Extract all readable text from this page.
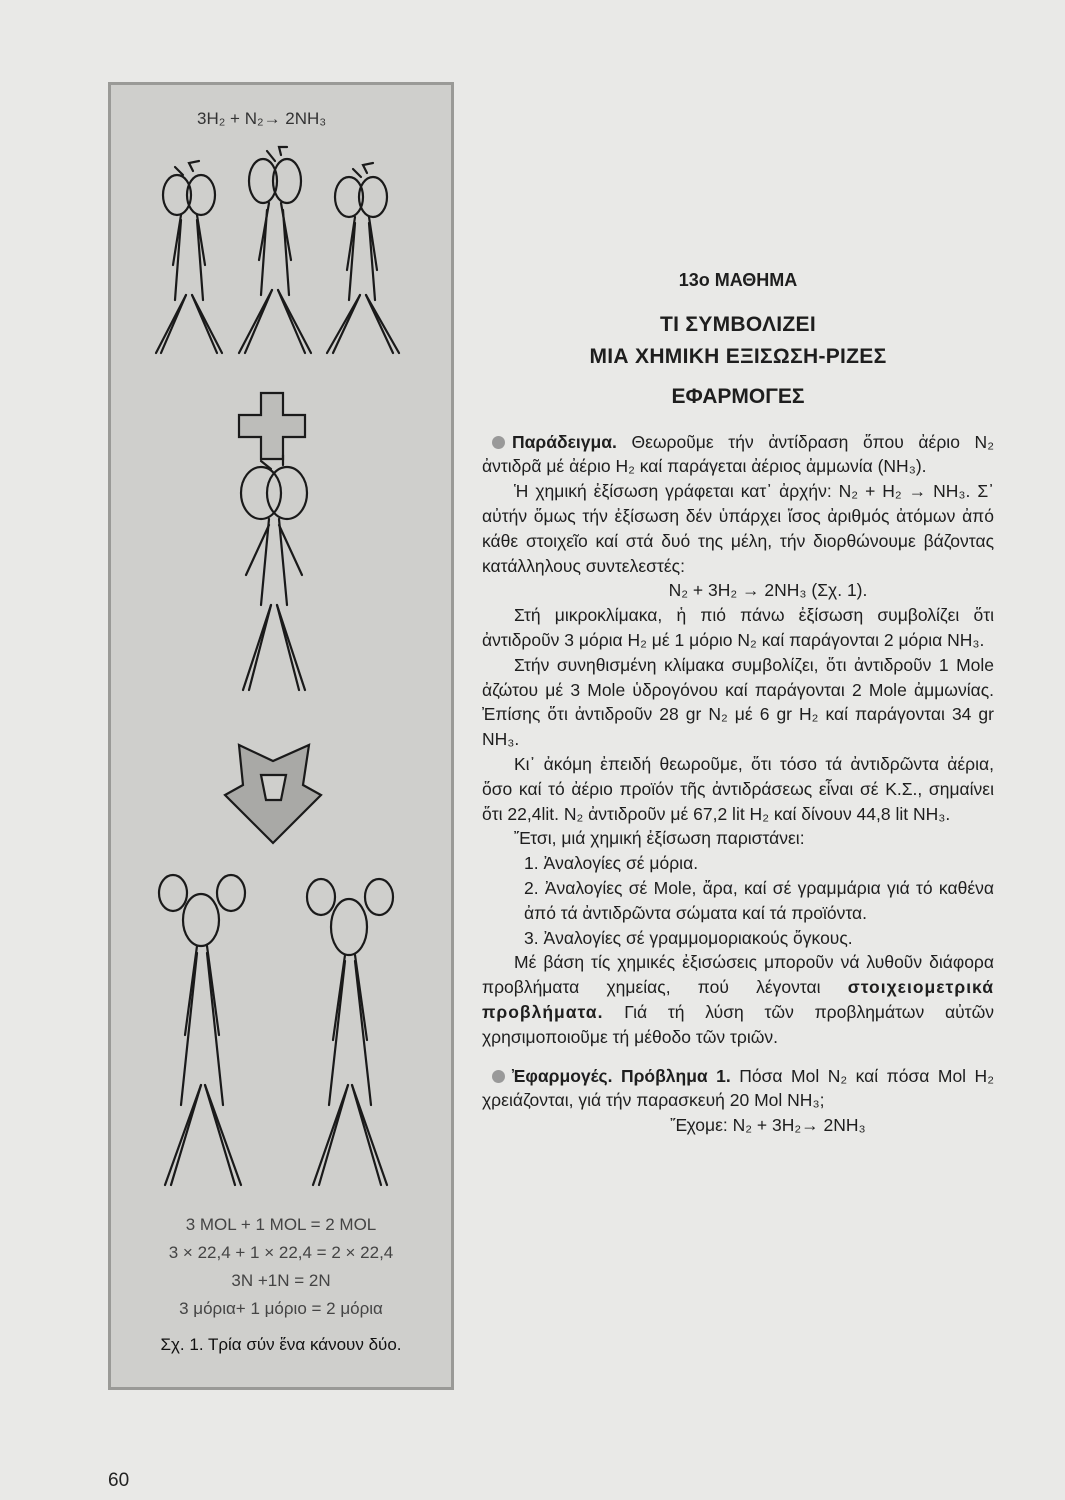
3H₂ + N₂→ 2NH₃
3 MOL + 1 MOL = 2 MOL
3 × 22,4 + 1 × 22,4 = 2 × 22,4
3N +1N = 2N
3 μόρια+ 1 μόριο = 2 μόρια
Σχ. 1. Τρία σύν ἕνα κάνουν δύο.
13ο ΜΑΘΗΜΑ
ΤΙ ΣΥΜΒΟΛΙΖΕΙ
ΜΙΑ ΧΗΜΙΚΗ ΕΞΙΣΩΣΗ-ΡΙΖΕΣ
ΕΦΑΡΜΟΓΕΣ

Παράδειγμα. Θεωροῦμε τήν ἀντίδραση ὅπου ἀέριο N₂ ἀντιδρᾶ μέ ἀέριο H₂ καί παράγεται ἀέριος ἀμμωνία (NH₃).

Ἡ χημική ἐξίσωση γράφεται κατ᾽ ἀρχήν: N₂ + H₂ → NH₃. Σ᾽ αὐτήν ὅμως τήν ἐξίσωση δέν ὑπάρχει ἴσος ἀριθμός ἀτόμων ἀπό κάθε στοιχεῖο καί στά δυό της μέλη, τήν διορθώνουμε βάζοντας κατάλληλους συντελεστές:

N₂ + 3H₂ → 2NH₃ (Σχ. 1).

Στή μικροκλίμακα, ἡ πιό πάνω ἐξίσωση συμβολίζει ὅτι ἀντιδροῦν 3 μόρια H₂ μέ 1 μόριο N₂ καί παράγονται 2 μόρια NH₃.

Στήν συνηθισμένη κλίμακα συμβολίζει, ὅτι ἀντιδροῦν 1 Mole ἀζώτου μέ 3 Mole ὑδρογόνου καί παράγονται 2 Mole ἀμμωνίας. Ἐπίσης ὅτι ἀντιδροῦν 28 gr N₂ μέ 6 gr H₂ καί παράγονται 34 gr NH₃.

Κι᾽ ἀκόμη ἐπειδή θεωροῦμε, ὅτι τόσο τά ἀντιδρῶντα ἀέρια, ὅσο καί τό ἀέριο προϊόν τῆς ἀντιδράσεως εἶναι σέ Κ.Σ., σημαίνει ὅτι 22,4lit. N₂ ἀντιδροῦν μέ 67,2 lit H₂ καί δίνουν 44,8 lit NH₃.

Ἔτσι, μιά χημική ἐξίσωση παριστάνει:

1. Ἀναλογίες σέ μόρια.

2. Ἀναλογίες σέ Mole, ἄρα, καί σέ γραμμάρια γιά τό καθένα ἀπό τά ἀντιδρῶντα σώματα καί τά προϊόντα.

3. Ἀναλογίες σέ γραμμομοριακούς ὄγκους.

Μέ βάση τίς χημικές ἐξισώσεις μποροῦν νά λυθοῦν διάφορα προβλήματα χημείας, πού λέγονται στοιχειομετρικά προβλήματα. Γιά τή λύση τῶν προβλημάτων αὐτῶν χρησιμοποιοῦμε τή μέθοδο τῶν τριῶν.

Ἐφαρμογές. Πρόβλημα 1. Πόσα Mol N₂ καί πόσα Mol H₂ χρειάζονται, γιά τήν παρασκευή 20 Mol NH₃;

Ἔχομε: N₂ + 3H₂→ 2NH₃

60
